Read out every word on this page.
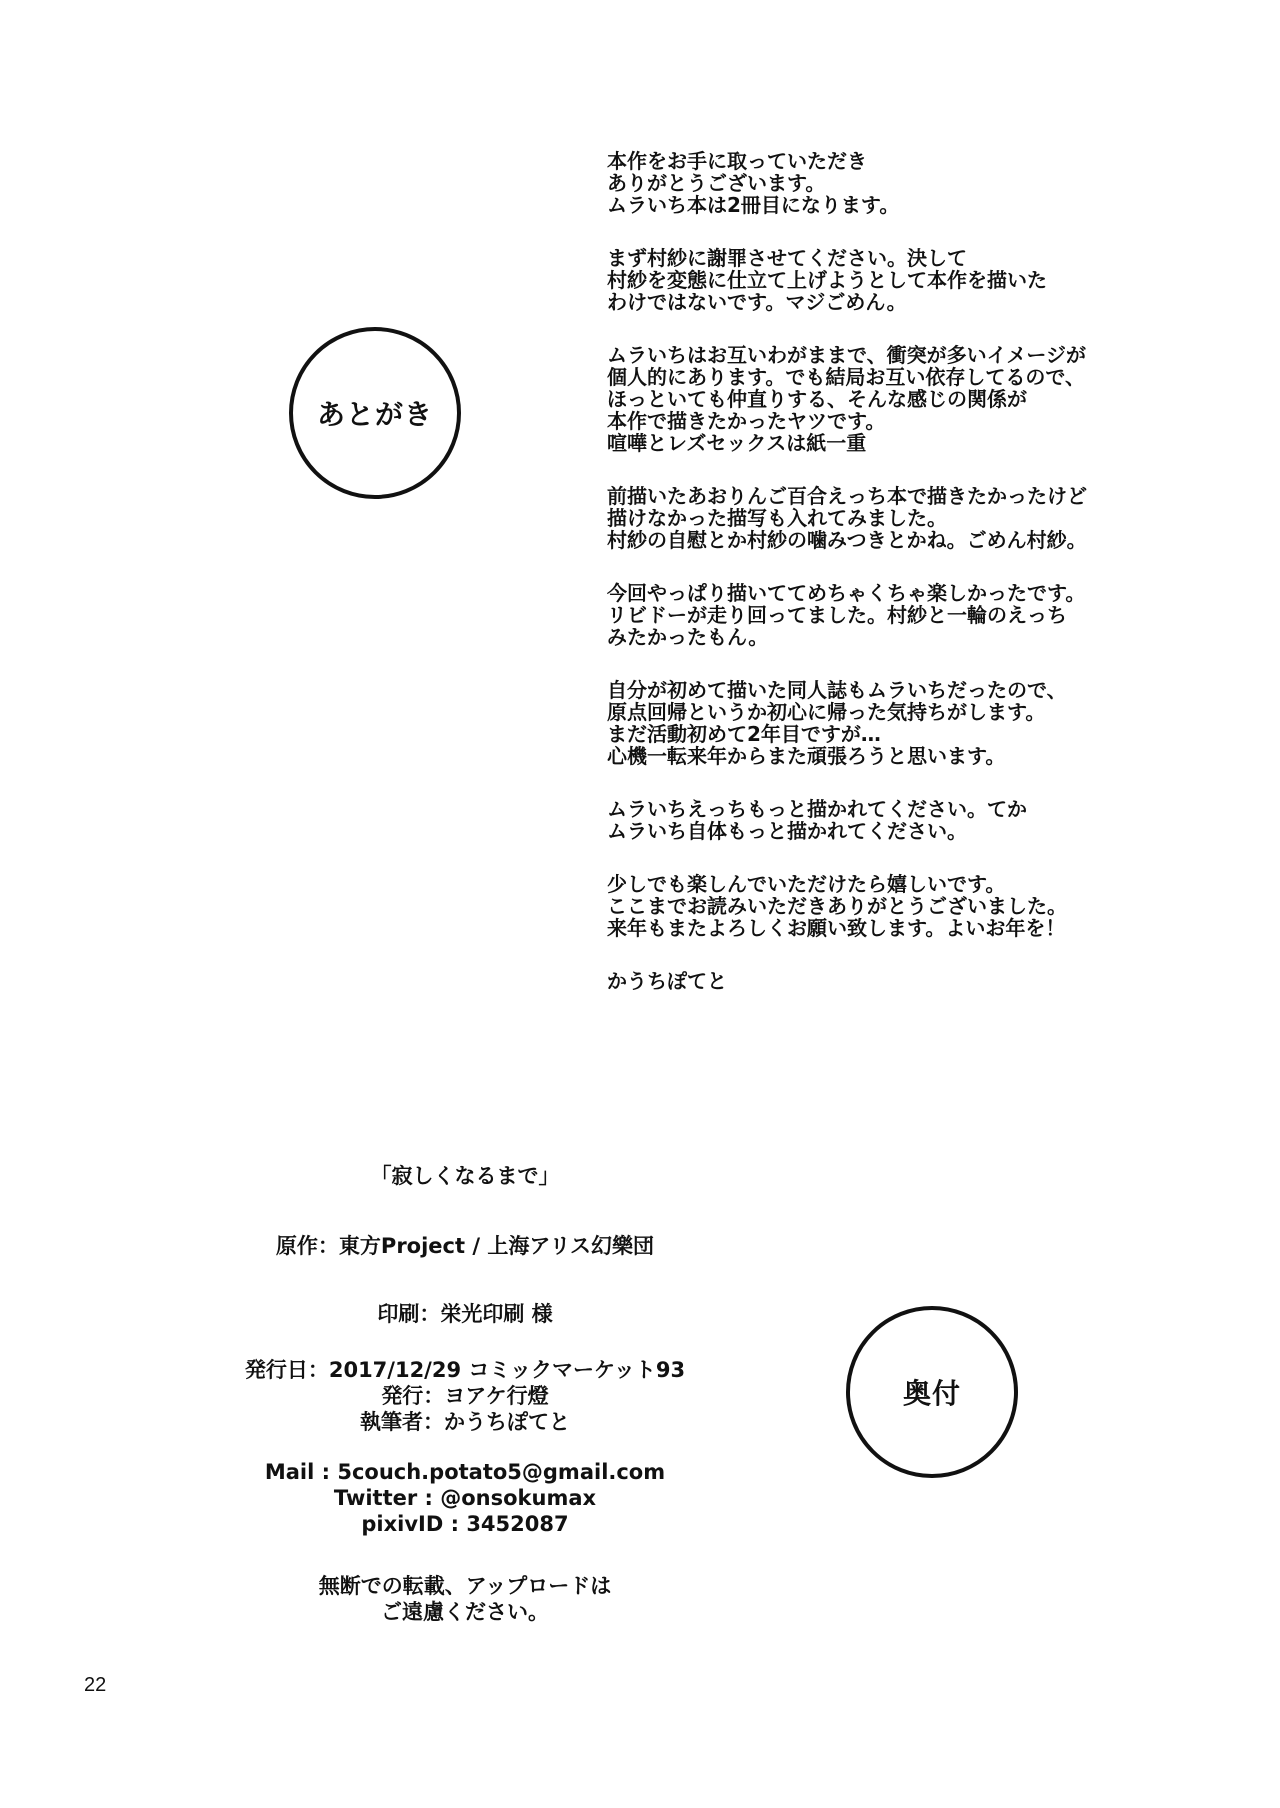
あとがき
本作をお手に取っていただき
ありがとうございます。
ムラいち本は2冊目になります。
まず村紗に謝罪させてください。決して
村紗を変態に仕立て上げようとして本作を描いた
わけではないです。マジごめん。
ムラいちはお互いわがままで、衝突が多いイメージが
個人的にあります。でも結局お互い依存してるので、
ほっといても仲直りする、そんな感じの関係が
本作で描きたかったヤツです。
喧嘩とレズセックスは紙一重
前描いたあおりんご百合えっち本で描きたかったけど
描けなかった描写も入れてみました。
村紗の自慰とか村紗の噛みつきとかね。ごめん村紗。
今回やっぱり描いててめちゃくちゃ楽しかったです。
リビドーが走り回ってました。村紗と一輪のえっち
みたかったもん。
自分が初めて描いた同人誌もムラいちだったので、
原点回帰というか初心に帰った気持ちがします。
まだ活動初めて2年目ですが…
心機一転来年からまた頑張ろうと思います。
ムラいちえっちもっと描かれてください。てか
ムラいち自体もっと描かれてください。
少しでも楽しんでいただけたら嬉しいです。
ここまでお読みいただきありがとうございました。
来年もまたよろしくお願い致します。よいお年を！
かうちぽてと
「寂しくなるまで」
原作：東方Project / 上海アリス幻樂団
印刷：栄光印刷 様
発行日：2017/12/29 コミックマーケット93
発行：ヨアケ行燈
執筆者：かうちぽてと
Mail : 5couch.potato5@gmail.com
Twitter : @onsokumax
pixivID : 3452087
無断での転載、アップロードは
ご遠慮ください。
奥付
22
